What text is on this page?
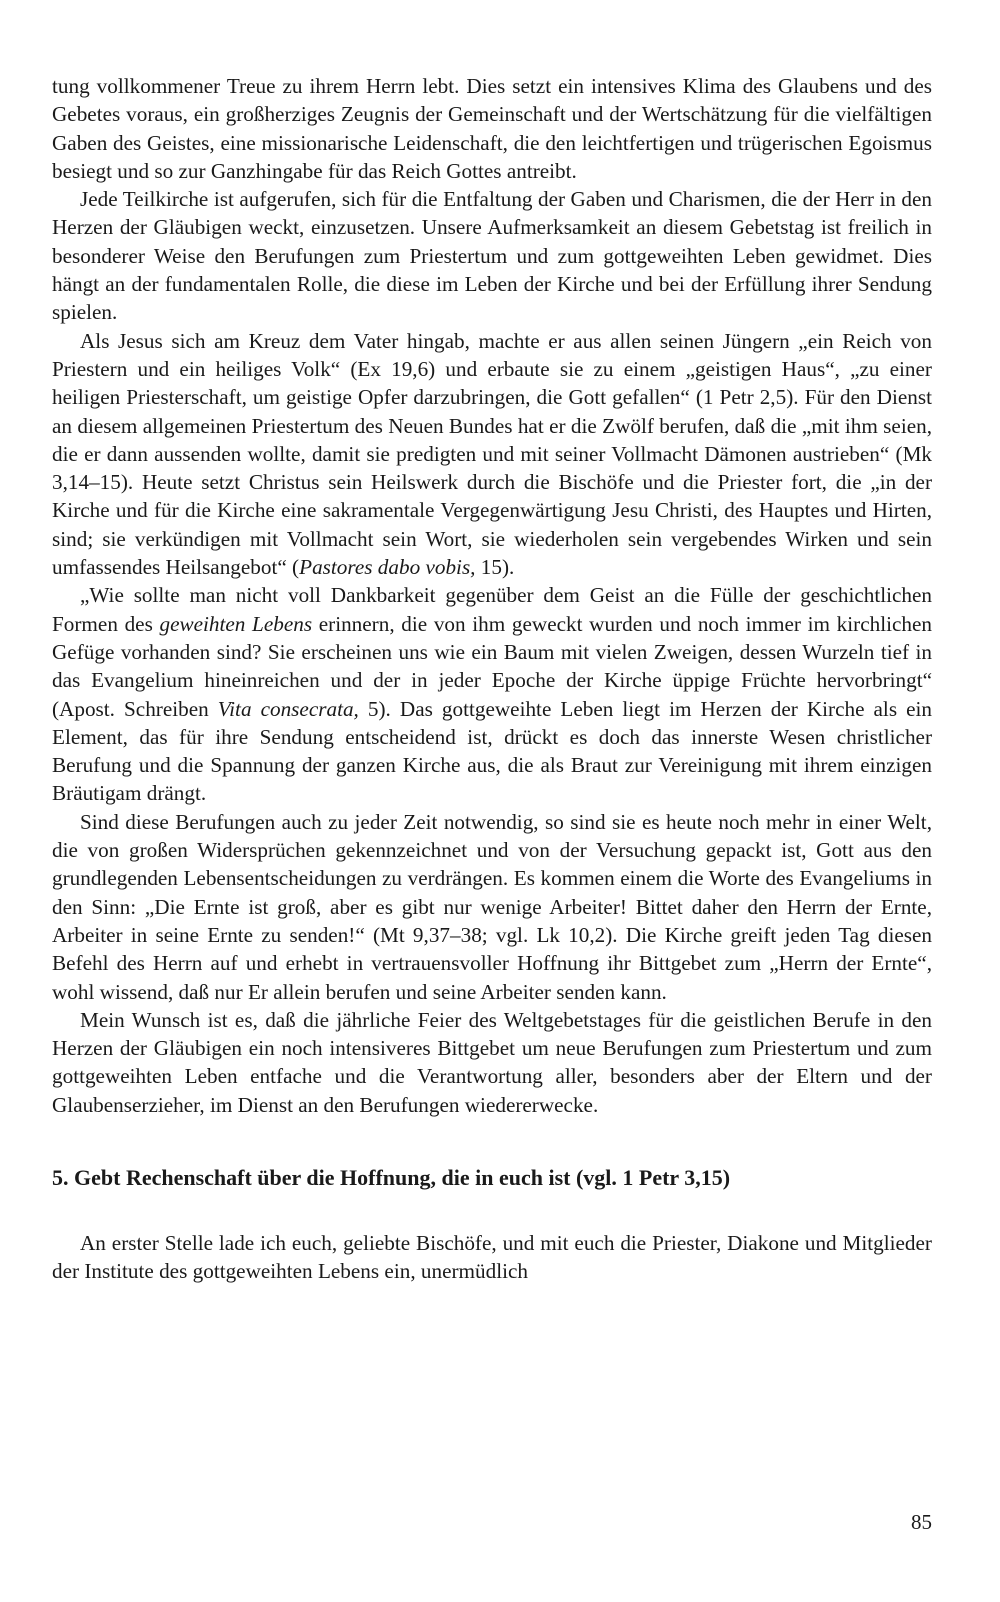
tung vollkommener Treue zu ihrem Herrn lebt. Dies setzt ein intensives Klima des Glaubens und des Gebetes voraus, ein großherziges Zeugnis der Gemeinschaft und der Wertschätzung für die vielfältigen Gaben des Geistes, eine missionarische Leidenschaft, die den leichtfertigen und trügerischen Egoismus besiegt und so zur Ganzhingabe für das Reich Gottes antreibt.

Jede Teilkirche ist aufgerufen, sich für die Entfaltung der Gaben und Charismen, die der Herr in den Herzen der Gläubigen weckt, einzusetzen. Unsere Aufmerksamkeit an diesem Gebetstag ist freilich in besonderer Weise den Berufungen zum Priestertum und zum gottgeweihten Leben gewidmet. Dies hängt an der fundamentalen Rolle, die diese im Leben der Kirche und bei der Erfüllung ihrer Sendung spielen.

Als Jesus sich am Kreuz dem Vater hingab, machte er aus allen seinen Jüngern „ein Reich von Priestern und ein heiliges Volk“ (Ex 19,6) und erbaute sie zu einem „geistigen Haus“, „zu einer heiligen Priesterschaft, um geistige Opfer darzubringen, die Gott gefallen“ (1 Petr 2,5). Für den Dienst an diesem allgemeinen Priestertum des Neuen Bundes hat er die Zwölf berufen, daß die „mit ihm seien, die er dann aussenden wollte, damit sie predigten und mit seiner Vollmacht Dämonen austrieben“ (Mk 3,14–15). Heute setzt Christus sein Heilswerk durch die Bischöfe und die Priester fort, die „in der Kirche und für die Kirche eine sakramentale Vergegenwärtigung Jesu Christi, des Hauptes und Hirten, sind; sie verkündigen mit Vollmacht sein Wort, sie wiederholen sein vergebendes Wirken und sein umfassendes Heilsangebot“ (Pastores dabo vobis, 15).

„Wie sollte man nicht voll Dankbarkeit gegenüber dem Geist an die Fülle der geschichtlichen Formen des geweihten Lebens erinnern, die von ihm geweckt wurden und noch immer im kirchlichen Gefüge vorhanden sind? Sie erscheinen uns wie ein Baum mit vielen Zweigen, dessen Wurzeln tief in das Evangelium hineinreichen und der in jeder Epoche der Kirche üppige Früchte hervorbringt“ (Apost. Schreiben Vita consecrata, 5). Das gottgeweihte Leben liegt im Herzen der Kirche als ein Element, das für ihre Sendung entscheidend ist, drückt es doch das innerste Wesen christlicher Berufung und die Spannung der ganzen Kirche aus, die als Braut zur Vereinigung mit ihrem einzigen Bräutigam drängt.

Sind diese Berufungen auch zu jeder Zeit notwendig, so sind sie es heute noch mehr in einer Welt, die von großen Widersprüchen gekennzeichnet und von der Versuchung gepackt ist, Gott aus den grundlegenden Lebensentscheidungen zu verdrängen. Es kommen einem die Worte des Evangeliums in den Sinn: „Die Ernte ist groß, aber es gibt nur wenige Arbeiter! Bittet daher den Herrn der Ernte, Arbeiter in seine Ernte zu senden!“ (Mt 9,37–38; vgl. Lk 10,2). Die Kirche greift jeden Tag diesen Befehl des Herrn auf und erhebt in vertrauensvoller Hoffnung ihr Bittgebet zum „Herrn der Ernte“, wohl wissend, daß nur Er allein berufen und seine Arbeiter senden kann.

Mein Wunsch ist es, daß die jährliche Feier des Weltgebetstages für die geistlichen Berufe in den Herzen der Gläubigen ein noch intensiveres Bittgebet um neue Berufungen zum Priestertum und zum gottgeweihten Leben entfache und die Verantwortung aller, besonders aber der Eltern und der Glaubenserzieher, im Dienst an den Berufungen wiedererwecke.

5. Gebt Rechenschaft über die Hoffnung, die in euch ist (vgl. 1 Petr 3,15)

An erster Stelle lade ich euch, geliebte Bischöfe, und mit euch die Priester, Diakone und Mitglieder der Institute des gottgeweihten Lebens ein, unermüdlich

85
